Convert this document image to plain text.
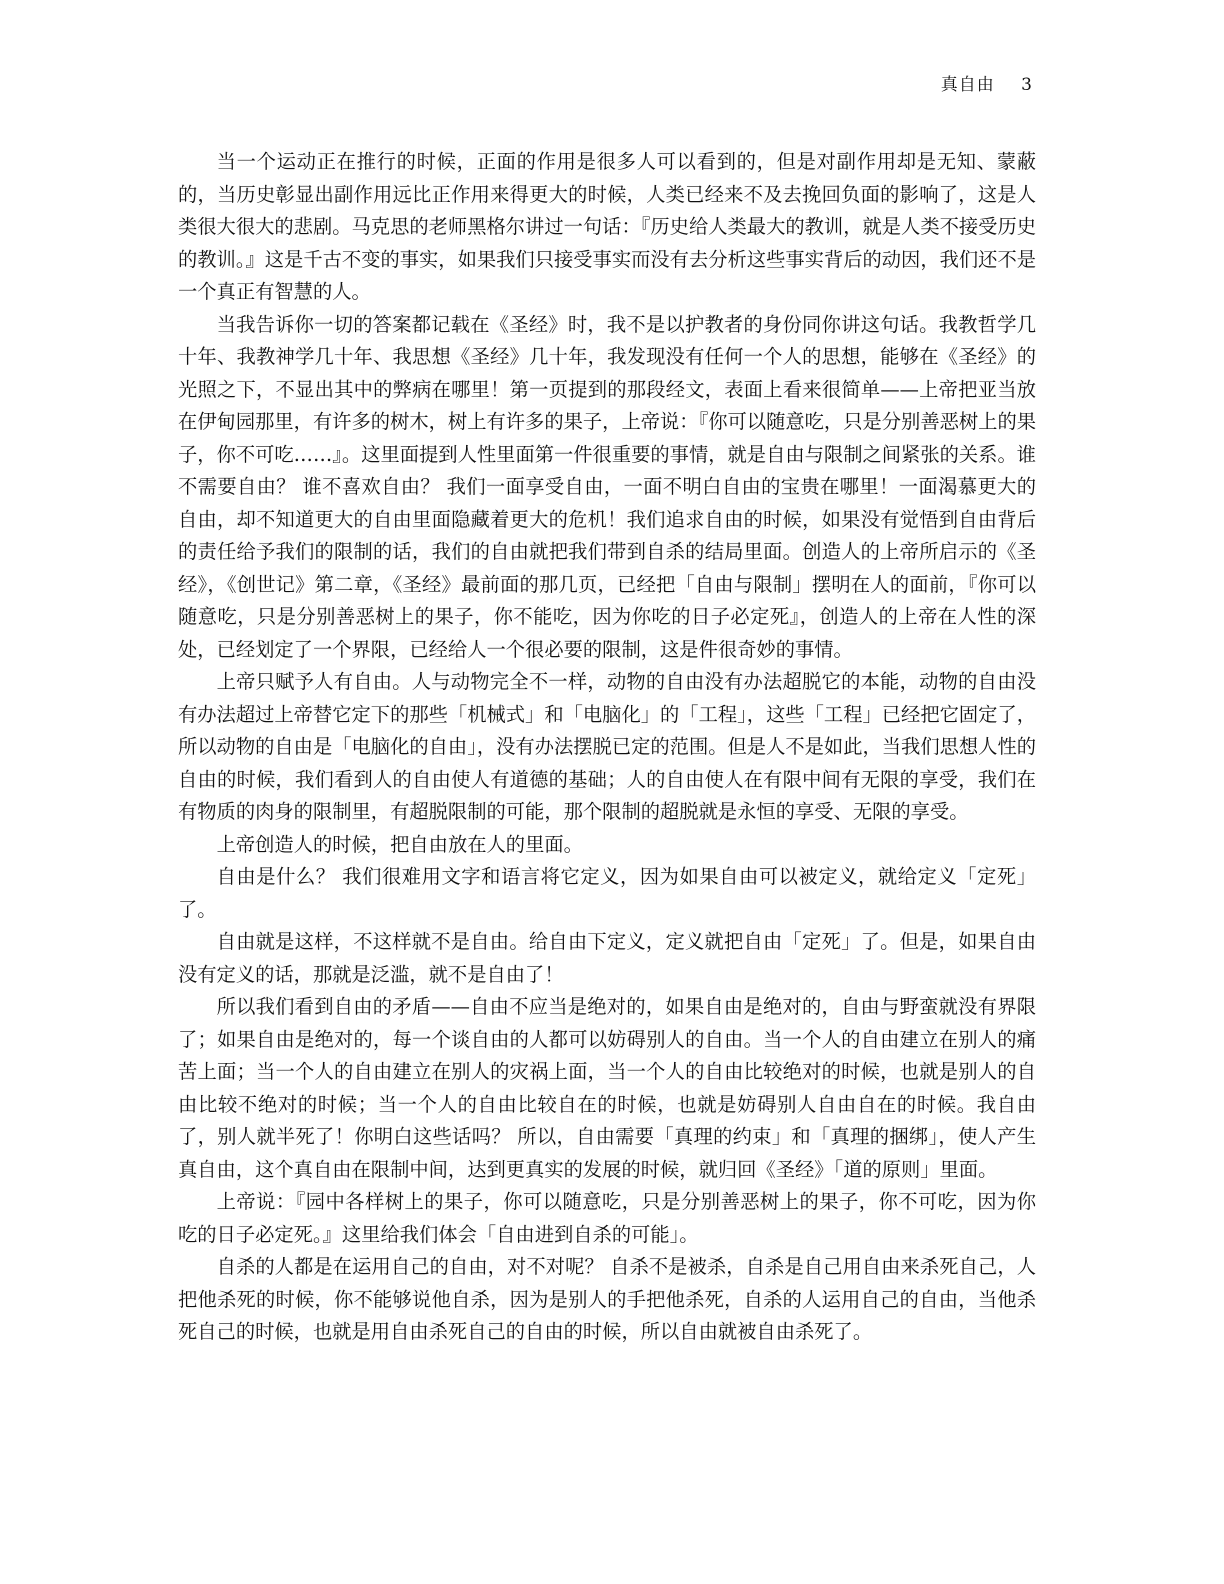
真自由 3

当一个运动正在推行的时候，正面的作用是很多人可以看到的，但是对副作用却是无知、蒙蔽的，当历史彰显出副作用远比正作用来得更大的时候，人类已经来不及去挽回负面的影响了，这是人类很大很大的悲剧。马克思的老师黑格尔讲过一句话：『历史给人类最大的教训，就是人类不接受历史的教训。』这是千古不变的事实，如果我们只接受事实而没有去分析这些事实背后的动因，我们还不是一个真正有智慧的人。

当我告诉你一切的答案都记载在《圣经》时，我不是以护教者的身份同你讲这句话。我教哲学几十年、我教神学几十年、我思想《圣经》几十年，我发现没有任何一个人的思想，能够在《圣经》的光照之下，不显出其中的弊病在哪里！第一页提到的那段经文，表面上看来很简单——上帝把亚当放在伊甸园那里，有许多的树木，树上有许多的果子，上帝说：『你可以随意吃，只是分别善恶树上的果子，你不可吃……』。这里面提到人性里面第一件很重要的事情，就是自由与限制之间紧张的关系。谁不需要自由？ 谁不喜欢自由？ 我们一面享受自由，一面不明白自由的宝贵在哪里！一面渴慕更大的自由，却不知道更大的自由里面隐藏着更大的危机！我们追求自由的时候，如果没有觉悟到自由背后的责任给予我们的限制的话，我们的自由就把我们带到自杀的结局里面。创造人的上帝所启示的《圣经》，《创世记》第二章，《圣经》最前面的那几页，已经把「自由与限制」摆明在人的面前，『你可以随意吃，只是分别善恶树上的果子，你不能吃，因为你吃的日子必定死』，创造人的上帝在人性的深处，已经划定了一个界限，已经给人一个很必要的限制，这是件很奇妙的事情。

上帝只赋予人有自由。人与动物完全不一样，动物的自由没有办法超脱它的本能，动物的自由没有办法超过上帝替它定下的那些「机械式」和「电脑化」的「工程」，这些「工程」已经把它固定了，所以动物的自由是「电脑化的自由」，没有办法摆脱已定的范围。但是人不是如此，当我们思想人性的自由的时候，我们看到人的自由使人有道德的基础；人的自由使人在有限中间有无限的享受，我们在有物质的肉身的限制里，有超脱限制的可能，那个限制的超脱就是永恒的享受、无限的享受。

上帝创造人的时候，把自由放在人的里面。

自由是什么？ 我们很难用文字和语言将它定义，因为如果自由可以被定义，就给定义「定死」了。

自由就是这样，不这样就不是自由。给自由下定义，定义就把自由「定死」了。但是，如果自由没有定义的话，那就是泛滥，就不是自由了！

所以我们看到自由的矛盾——自由不应当是绝对的，如果自由是绝对的，自由与野蛮就没有界限了；如果自由是绝对的，每一个谈自由的人都可以妨碍别人的自由。当一个人的自由建立在别人的痛苦上面；当一个人的自由建立在别人的灾祸上面，当一个人的自由比较绝对的时候，也就是别人的自由比较不绝对的时候；当一个人的自由比较自在的时候，也就是妨碍别人自由自在的时候。我自由了，别人就半死了！你明白这些话吗？ 所以，自由需要「真理的约束」和「真理的捆绑」，使人产生真自由，这个真自由在限制中间，达到更真实的发展的时候，就归回《圣经》「道的原则」里面。

上帝说：『园中各样树上的果子，你可以随意吃，只是分别善恶树上的果子，你不可吃，因为你吃的日子必定死。』这里给我们体会「自由进到自杀的可能」。

自杀的人都是在运用自己的自由，对不对呢？ 自杀不是被杀，自杀是自己用自由来杀死自己，人把他杀死的时候，你不能够说他自杀，因为是别人的手把他杀死，自杀的人运用自己的自由，当他杀死自己的时候，也就是用自由杀死自己的自由的时候，所以自由就被自由杀死了。
